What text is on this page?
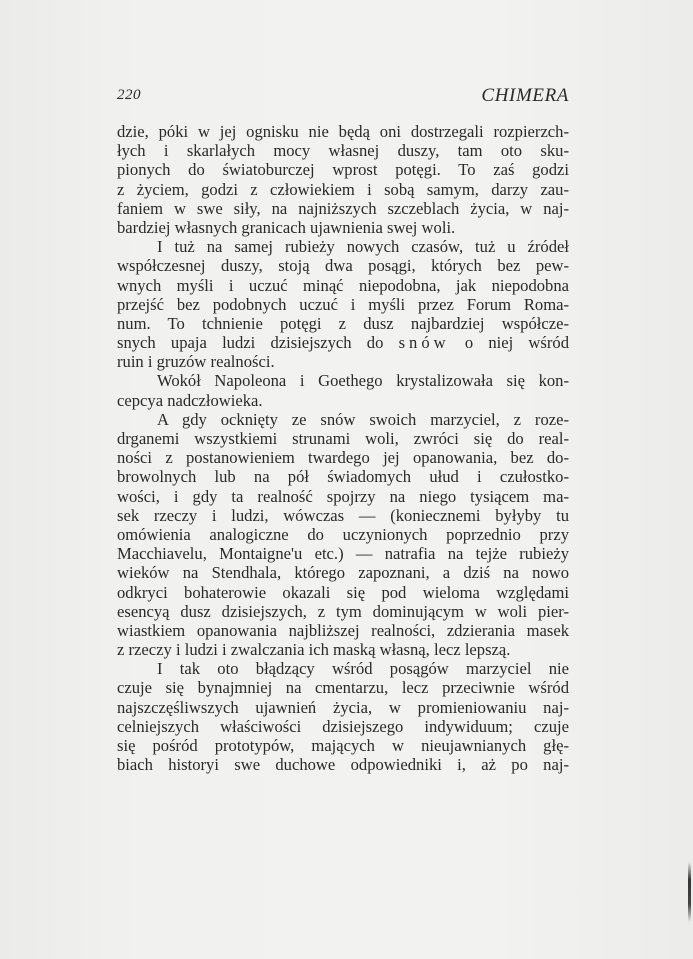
220	CHIMERA
dzie, póki w jej ognisku nie będą oni dostrzegali rozpierzch-
łych i skarlałych mocy własnej duszy, tam oto sku-
pionych do światoburczej wprost potęgi. To zaś godzi
z życiem, godzi z człowiekiem i sobą samym, darzy zau-
faniem w swe siły, na najniższych szczeblach życia, w naj-
bardziej własnych granicach ujawnienia swej woli.
I tuż na samej rubieży nowych czasów, tuż u źródeł
współczesnej duszy, stoją dwa posągi, których bez pew-
wnych myśli i uczuć minąć niepodobna, jak niepodobna
przejść bez podobnych uczuć i myśli przez Forum Roma-
num. To tchnienie potęgi z dusz najbardziej współcze-
snych upaja ludzi dzisiejszych do snów o niej wśród
ruin i gruzów realności.
Wokół Napoleona i Goethego krystalizowała się kon-
cepcya nadczłowieka.
A gdy ocknięty ze snów swoich marzyciel, z roze-
drganemi wszystkiemi strunami woli, zwróci się do real-
ności z postanowieniem twardego jej opanowania, bez do-
browolnych lub na pół świadomych ułud i czułostko-
wości, i gdy ta realność spojrzy na niego tysiącem ma-
sek rzeczy i ludzi, wówczas — (koniecznemi byłyby tu
omówienia analogiczne do uczynionych poprzednio przy
Macchiavelu, Montaigne'u etc.) — natrafia na tejże rubieży
wieków na Stendhala, którego zapoznani, a dziś na nowo
odkryci bohaterowie okazali się pod wieloma względami
esencyą dusz dzisiejszych, z tym dominującym w woli pier-
wiastkiem opanowania najbliższej realności, zdzierania masek
z rzeczy i ludzi i zwalczania ich maską własną, lecz lepszą.
I tak oto błądzący wśród posągów marzyciel nie
czuje się bynajmniej na cmentarzu, lecz przeciwnie wśród
najszczęśliwszych ujawnień życia, w promieniowaniu naj-
celniejszych właściwości dzisiejszego indywiduum; czuje
się pośród prototypów, mających w nieujawnianych głę-
biach historyi swe duchowe odpowiedniki i, aż po naj-
